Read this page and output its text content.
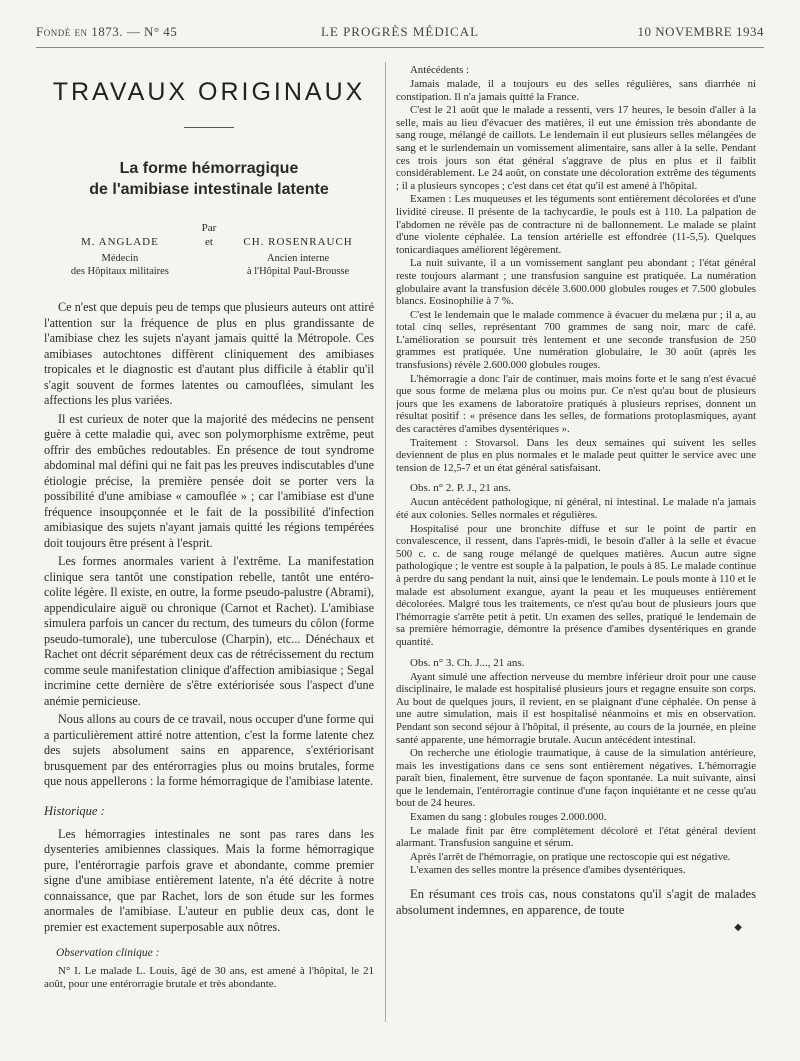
Fondé en 1873. — N° 45	LE PROGRÈS MÉDICAL	10 NOVEMBRE 1934
TRAVAUX ORIGINAUX
La forme hémorragique
de l'amibiase intestinale latente
Par
M. ANGLADE
Médecin
des Hôpitaux militaires
et	CH. ROSENRAUCH
Ancien interne
à l'Hôpital Paul-Brousse

Ce n'est que depuis peu de temps que plusieurs auteurs ont attiré l'attention sur la fréquence de plus en plus grandissante de l'amibiase chez les sujets n'ayant jamais quitté la Métropole. Ces amibiases autochtones diffèrent cliniquement des amibiases tropicales et le diagnostic est d'autant plus difficile à établir qu'il s'agit souvent de formes latentes ou camouflées, simulant les affections les plus variées.

Il est curieux de noter que la majorité des médecins ne pensent guère à cette maladie qui, avec son polymorphisme extrême, peut offrir des embûches redoutables. En présence de tout syndrome abdominal mal défini qui ne fait pas les preuves indiscutables d'une étiologie précise, la première pensée doit se porter vers la possibilité d'une amibiase « camouflée » ; car l'amibiase est d'une fréquence insoupçonnée et le fait de la possibilité d'infection amibiasique des sujets n'ayant jamais quitté les régions tempérées doit toujours être présent à l'esprit.

Les formes anormales varient à l'extrême. La manifestation clinique sera tantôt une constipation rebelle, tantôt une entéro-colite légère. Il existe, en outre, la forme pseudo-palustre (Abrami), appendiculaire aiguë ou chronique (Carnot et Rachet). L'amibiase simulera parfois un cancer du rectum, des tumeurs du côlon (forme pseudo-tumorale), une tuberculose (Charpin), etc... Dénéchaux et Rachet ont décrit séparément deux cas de rétrécissement du rectum comme seule manifestation clinique d'affection amibiasique ; Segal incrimine cette dernière de s'être extériorisée sous l'aspect d'une anémie pernicieuse.

Nous allons au cours de ce travail, nous occuper d'une forme qui a particulièrement attiré notre attention, c'est la forme latente chez des sujets absolument sains en apparence, s'extériorisant brusquement par des entérorragies plus ou moins brutales, forme que nous appellerons : la forme hémorragique de l'amibiase latente.

Historique :

Les hémorragies intestinales ne sont pas rares dans les dysenteries amibiennes classiques. Mais la forme hémorragique pure, l'entérorragie parfois grave et abondante, comme premier signe d'une amibiase entièrement latente, n'a été décrite à notre connaissance, que par Rachet, lors de son étude sur les formes anormales de l'amibiase. L'auteur en publie deux cas, dont le premier est exactement superposable aux nôtres.

Observation clinique :

N° I. Le malade L. Louis, âgé de 30 ans, est amené à l'hôpital, le 21 août, pour une entérorragie brutale et très abondante.

Antécédents :

Jamais malade, il a toujours eu des selles régulières, sans diarrhée ni constipation. Il n'a jamais quitté la France.

C'est le 21 août que le malade a ressenti, vers 17 heures, le besoin d'aller à la selle, mais au lieu d'évacuer des matières, il eut une émission très abondante de sang rouge, mélangé de caillots. Le lendemain il eut plusieurs selles mélangées de sang et le surlendemain un vomissement alimentaire, sans aller à la selle. Pendant ces trois jours son état général s'aggrave de plus en plus et il faiblit considérablement. Le 24 août, on constate une décoloration extrême des téguments ; il a plusieurs syncopes ; c'est dans cet état qu'il est amené à l'hôpital.

Examen : Les muqueuses et les téguments sont entièrement décolorées et d'une lividité cireuse. Il présente de la tachycardie, le pouls est à 110. La palpation de l'abdomen ne révèle pas de contracture ni de ballonnement. Le malade se plaint d'une violente céphalée. La tension artérielle est effondrée (11-5,5). Quelques tonicardiaques améliorent légèrement.

La nuit suivante, il a un vomissement sanglant peu abondant ; l'état général reste toujours alarmant ; une transfusion sanguine est pratiquée. La numération globulaire avant la transfusion décèle 3.600.000 globules rouges et 7.500 globules blancs. Eosinophilie à 7 %.

C'est le lendemain que le malade commence à évacuer du melæna pur ; il a, au total cinq selles, représentant 700 grammes de sang noir, marc de café. L'amélioration se poursuit très lentement et une seconde transfusion de 250 grammes est pratiquée. Une numération globulaire, le 30 août (après les transfusions) révèle 2.600.000 globules rouges.

L'hémorragie a donc l'air de continuer, mais moins forte et le sang n'est évacué que sous forme de melæna plus ou moins pur. Ce n'est qu'au bout de plusieurs jours que les examens de laboratoire pratiqués à plusieurs reprises, donnent un résultat positif : « présence dans les selles, de formations protoplasmiques, ayant des caractères d'amibes dysentériques ».

Traitement : Stovarsol. Dans les deux semaines qui suivent les selles deviennent de plus en plus normales et le malade peut quitter le service avec une tension de 12,5-7 et un état général satisfaisant.

Obs. n° 2. P. J., 21 ans.

Aucun antécédent pathologique, ni général, ni intestinal. Le malade n'a jamais été aux colonies. Selles normales et régulières.

Hospitalisé pour une bronchite diffuse et sur le point de partir en convalescence, il ressent, dans l'après-midi, le besoin d'aller à la selle et évacue 500 c. c. de sang rouge mélangé de quelques matières. Aucun autre signe pathologique ; le ventre est souple à la palpation, le pouls à 85. Le malade continue à perdre du sang pendant la nuit, ainsi que le lendemain. Le pouls monte à 110 et le malade est absolument exangue, ayant la peau et les muqueuses entièrement décolorées. Malgré tous les traitements, ce n'est qu'au bout de plusieurs jours que l'hémorragie s'arrête petit à petit. Un examen des selles, pratiqué le lendemain de sa première hémorragie, démontre la présence d'amibes dysentériques en grande quantité.

Obs. n° 3. Ch. J..., 21 ans.

Ayant simulé une affection nerveuse du membre inférieur droit pour une cause disciplinaire, le malade est hospitalisé plusieurs jours et regagne ensuite son corps. Au bout de quelques jours, il revient, en se plaignant d'une céphalée. On pense à une autre simulation, mais il est hospitalisé néanmoins et mis en observation. Pendant son second séjour à l'hôpital, il présente, au cours de la journée, en pleine santé apparente, une hémorragie brutale. Aucun antécédent intestinal.

On recherche une étiologie traumatique, à cause de la simulation antérieure, mais les investigations dans ce sens sont entièrement négatives. L'hémorragie paraît bien, finalement, être survenue de façon spontanée. La nuit suivante, ainsi que le lendemain, l'entérorragie continue d'une façon inquiétante et ne cesse qu'au bout de 24 heures.

Examen du sang : globules rouges 2.000.000.

Le malade finit par être complètement décoloré et l'état général devient alarmant. Transfusion sanguine et sérum.

Après l'arrêt de l'hémorragie, on pratique une rectoscopie qui est négative.

L'examen des selles montre la présence d'amibes dysentériques.

En résumant ces trois cas, nous constatons qu'il s'agit de malades absolument indemnes, en apparence, de toute

◆
